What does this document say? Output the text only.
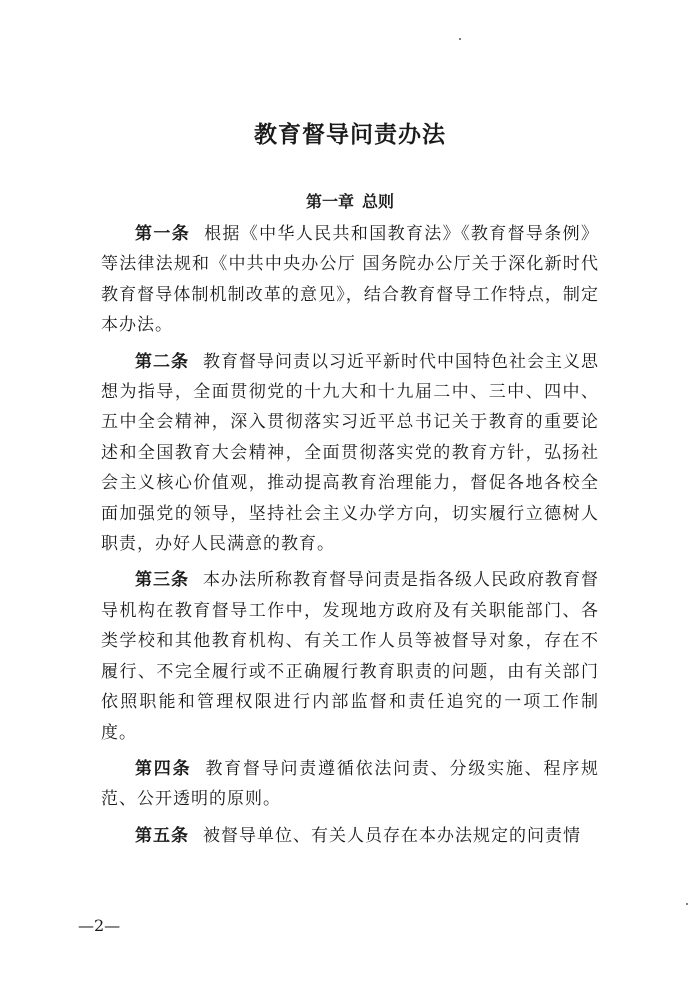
教育督导问责办法
第一章 总则

第一条 根据《中华人民共和国教育法》《教育督导条例》等法律法规和《中共中央办公厅 国务院办公厅关于深化新时代教育督导体制机制改革的意见》，结合教育督导工作特点，制定本办法。

第二条 教育督导问责以习近平新时代中国特色社会主义思想为指导，全面贯彻党的十九大和十九届二中、三中、四中、五中全会精神，深入贯彻落实习近平总书记关于教育的重要论述和全国教育大会精神，全面贯彻落实党的教育方针，弘扬社会主义核心价值观，推动提高教育治理能力，督促各地各校全面加强党的领导，坚持社会主义办学方向，切实履行立德树人职责，办好人民满意的教育。

第三条 本办法所称教育督导问责是指各级人民政府教育督导机构在教育督导工作中，发现地方政府及有关职能部门、各类学校和其他教育机构、有关工作人员等被督导对象，存在不履行、不完全履行或不正确履行教育职责的问题，由有关部门依照职能和管理权限进行内部监督和责任追究的一项工作制度。

第四条 教育督导问责遵循依法问责、分级实施、程序规范、公开透明的原则。

第五条 被督导单位、有关人员存在本办法规定的问责情

—2—
